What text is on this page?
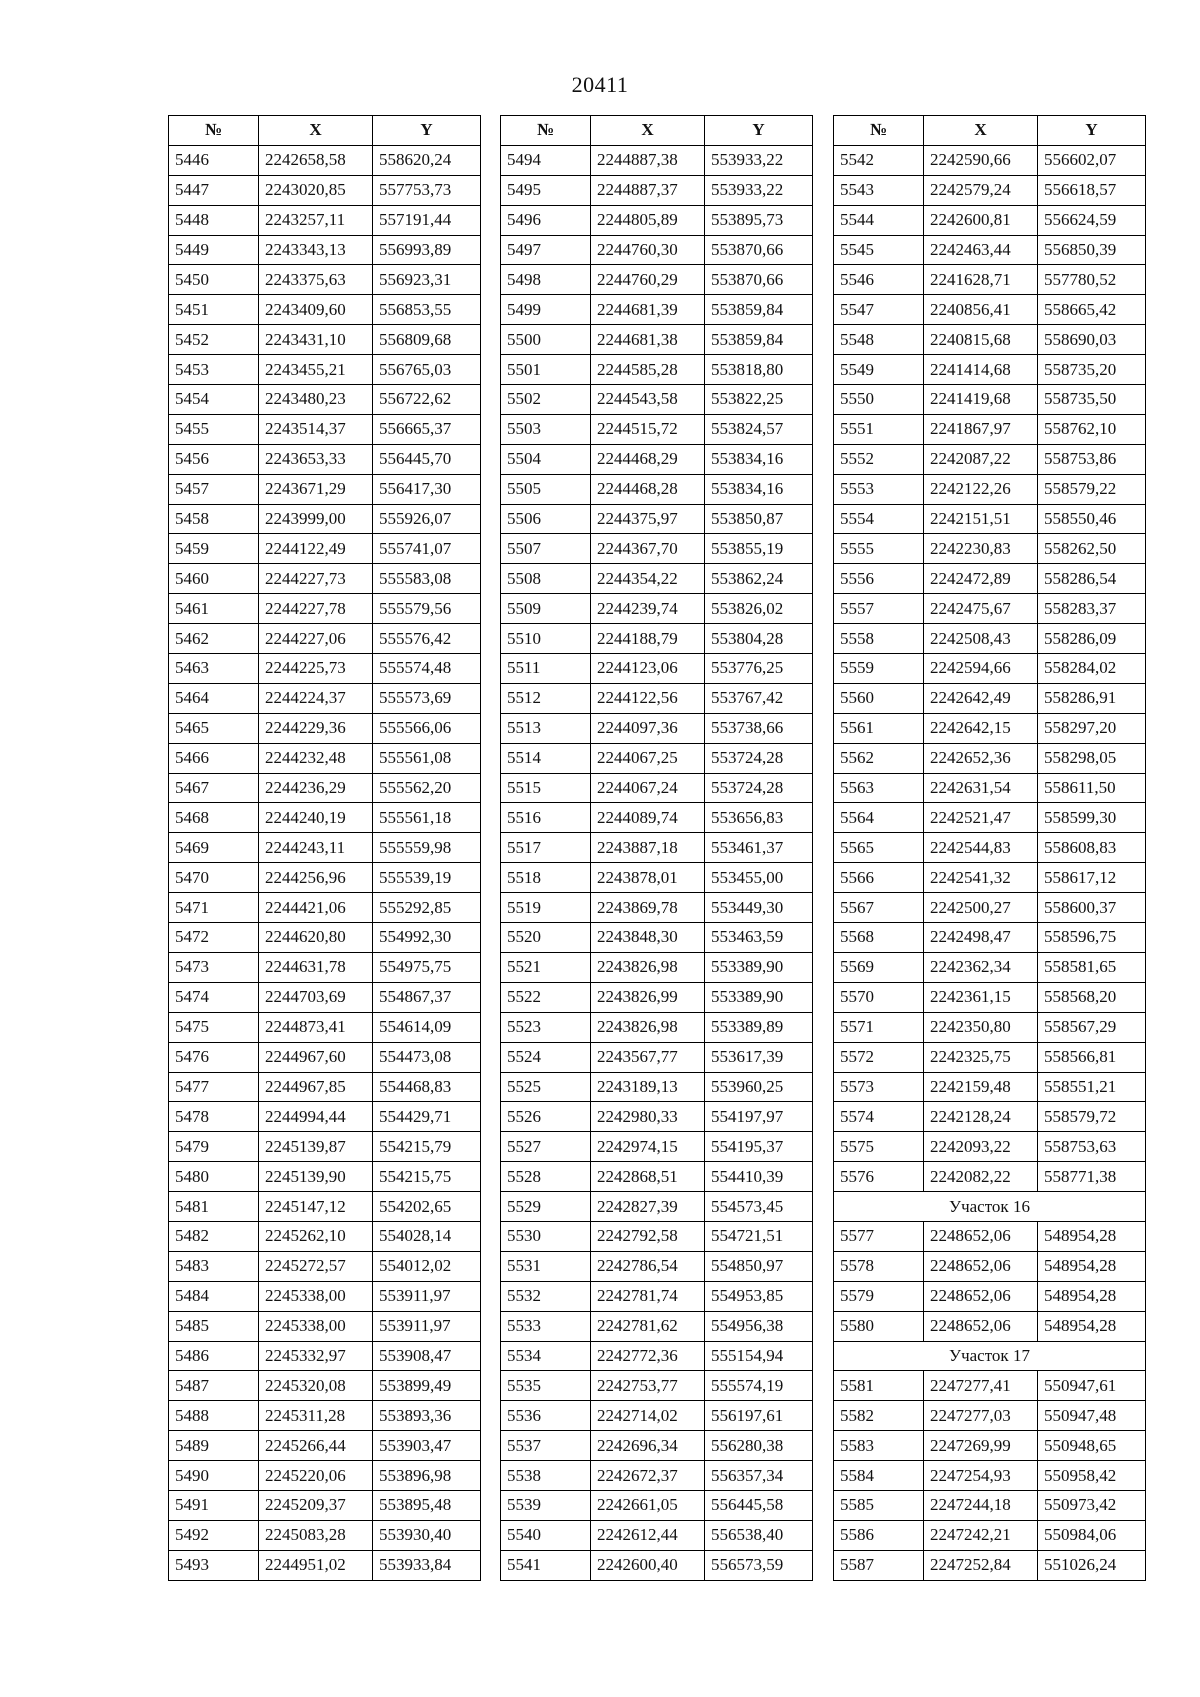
20411
№	X	Y
5446	2242658,58	558620,24
5447	2243020,85	557753,73
5448	2243257,11	557191,44
5449	2243343,13	556993,89
5450	2243375,63	556923,31
5451	2243409,60	556853,55
5452	2243431,10	556809,68
5453	2243455,21	556765,03
5454	2243480,23	556722,62
5455	2243514,37	556665,37
5456	2243653,33	556445,70
5457	2243671,29	556417,30
5458	2243999,00	555926,07
5459	2244122,49	555741,07
5460	2244227,73	555583,08
5461	2244227,78	555579,56
5462	2244227,06	555576,42
5463	2244225,73	555574,48
5464	2244224,37	555573,69
5465	2244229,36	555566,06
5466	2244232,48	555561,08
5467	2244236,29	555562,20
5468	2244240,19	555561,18
5469	2244243,11	555559,98
5470	2244256,96	555539,19
5471	2244421,06	555292,85
5472	2244620,80	554992,30
5473	2244631,78	554975,75
5474	2244703,69	554867,37
5475	2244873,41	554614,09
5476	2244967,60	554473,08
5477	2244967,85	554468,83
5478	2244994,44	554429,71
5479	2245139,87	554215,79
5480	2245139,90	554215,75
5481	2245147,12	554202,65
5482	2245262,10	554028,14
5483	2245272,57	554012,02
5484	2245338,00	553911,97
5485	2245338,00	553911,97
5486	2245332,97	553908,47
5487	2245320,08	553899,49
5488	2245311,28	553893,36
5489	2245266,44	553903,47
5490	2245220,06	553896,98
5491	2245209,37	553895,48
5492	2245083,28	553930,40
5493	2244951,02	553933,84
№	X	Y
5494	2244887,38	553933,22
5495	2244887,37	553933,22
5496	2244805,89	553895,73
5497	2244760,30	553870,66
5498	2244760,29	553870,66
5499	2244681,39	553859,84
5500	2244681,38	553859,84
5501	2244585,28	553818,80
5502	2244543,58	553822,25
5503	2244515,72	553824,57
5504	2244468,29	553834,16
5505	2244468,28	553834,16
5506	2244375,97	553850,87
5507	2244367,70	553855,19
5508	2244354,22	553862,24
5509	2244239,74	553826,02
5510	2244188,79	553804,28
5511	2244123,06	553776,25
5512	2244122,56	553767,42
5513	2244097,36	553738,66
5514	2244067,25	553724,28
5515	2244067,24	553724,28
5516	2244089,74	553656,83
5517	2243887,18	553461,37
5518	2243878,01	553455,00
5519	2243869,78	553449,30
5520	2243848,30	553463,59
5521	2243826,98	553389,90
5522	2243826,99	553389,90
5523	2243826,98	553389,89
5524	2243567,77	553617,39
5525	2243189,13	553960,25
5526	2242980,33	554197,97
5527	2242974,15	554195,37
5528	2242868,51	554410,39
5529	2242827,39	554573,45
5530	2242792,58	554721,51
5531	2242786,54	554850,97
5532	2242781,74	554953,85
5533	2242781,62	554956,38
5534	2242772,36	555154,94
5535	2242753,77	555574,19
5536	2242714,02	556197,61
5537	2242696,34	556280,38
5538	2242672,37	556357,34
5539	2242661,05	556445,58
5540	2242612,44	556538,40
5541	2242600,40	556573,59
№	X	Y
5542	2242590,66	556602,07
5543	2242579,24	556618,57
5544	2242600,81	556624,59
5545	2242463,44	556850,39
5546	2241628,71	557780,52
5547	2240856,41	558665,42
5548	2240815,68	558690,03
5549	2241414,68	558735,20
5550	2241419,68	558735,50
5551	2241867,97	558762,10
5552	2242087,22	558753,86
5553	2242122,26	558579,22
5554	2242151,51	558550,46
5555	2242230,83	558262,50
5556	2242472,89	558286,54
5557	2242475,67	558283,37
5558	2242508,43	558286,09
5559	2242594,66	558284,02
5560	2242642,49	558286,91
5561	2242642,15	558297,20
5562	2242652,36	558298,05
5563	2242631,54	558611,50
5564	2242521,47	558599,30
5565	2242544,83	558608,83
5566	2242541,32	558617,12
5567	2242500,27	558600,37
5568	2242498,47	558596,75
5569	2242362,34	558581,65
5570	2242361,15	558568,20
5571	2242350,80	558567,29
5572	2242325,75	558566,81
5573	2242159,48	558551,21
5574	2242128,24	558579,72
5575	2242093,22	558753,63
5576	2242082,22	558771,38
Участок 16		
5577	2248652,06	548954,28
5578	2248652,06	548954,28
5579	2248652,06	548954,28
5580	2248652,06	548954,28
Участок 17		
5581	2247277,41	550947,61
5582	2247277,03	550947,48
5583	2247269,99	550948,65
5584	2247254,93	550958,42
5585	2247244,18	550973,42
5586	2247242,21	550984,06
5587	2247252,84	551026,24
